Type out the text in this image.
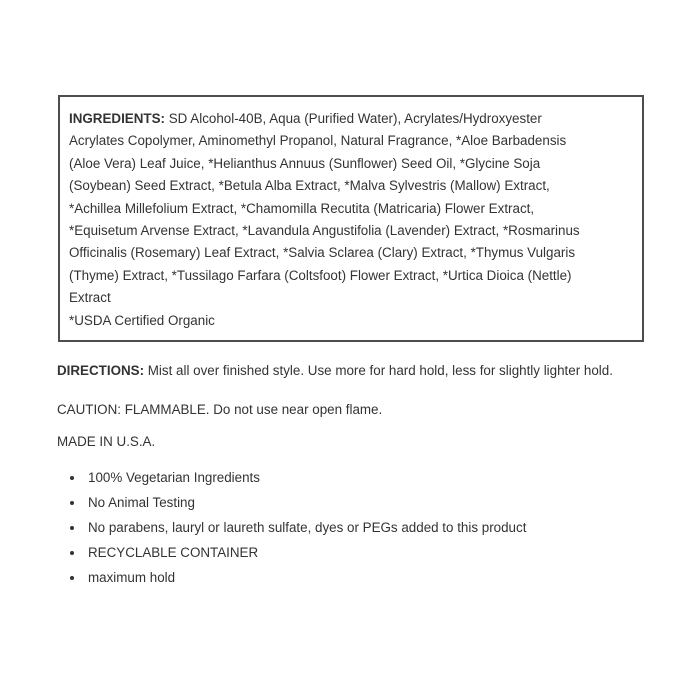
INGREDIENTS: SD Alcohol-40B, Aqua (Purified Water), Acrylates/Hydroxyester
Acrylates Copolymer, Aminomethyl Propanol, Natural Fragrance, *Aloe Barbadensis
(Aloe Vera) Leaf Juice, *Helianthus Annuus (Sunflower) Seed Oil, *Glycine Soja
(Soybean) Seed Extract, *Betula Alba Extract, *Malva Sylvestris (Mallow) Extract,
*Achillea Millefolium Extract, *Chamomilla Recutita (Matricaria) Flower Extract,
*Equisetum Arvense Extract, *Lavandula Angustifolia (Lavender) Extract, *Rosmarinus
Officinalis (Rosemary) Leaf Extract, *Salvia Sclarea (Clary) Extract, *Thymus Vulgaris
(Thyme) Extract, *Tussilago Farfara (Coltsfoot) Flower Extract, *Urtica Dioica (Nettle)
Extract
*USDA Certified Organic

DIRECTIONS: Mist all over finished style. Use more for hard hold, less for slightly lighter hold.

CAUTION: FLAMMABLE. Do not use near open flame.

MADE IN U.S.A.

100% Vegetarian Ingredients
No Animal Testing
No parabens, lauryl or laureth sulfate, dyes or PEGs added to this product
RECYCLABLE CONTAINER
maximum hold
